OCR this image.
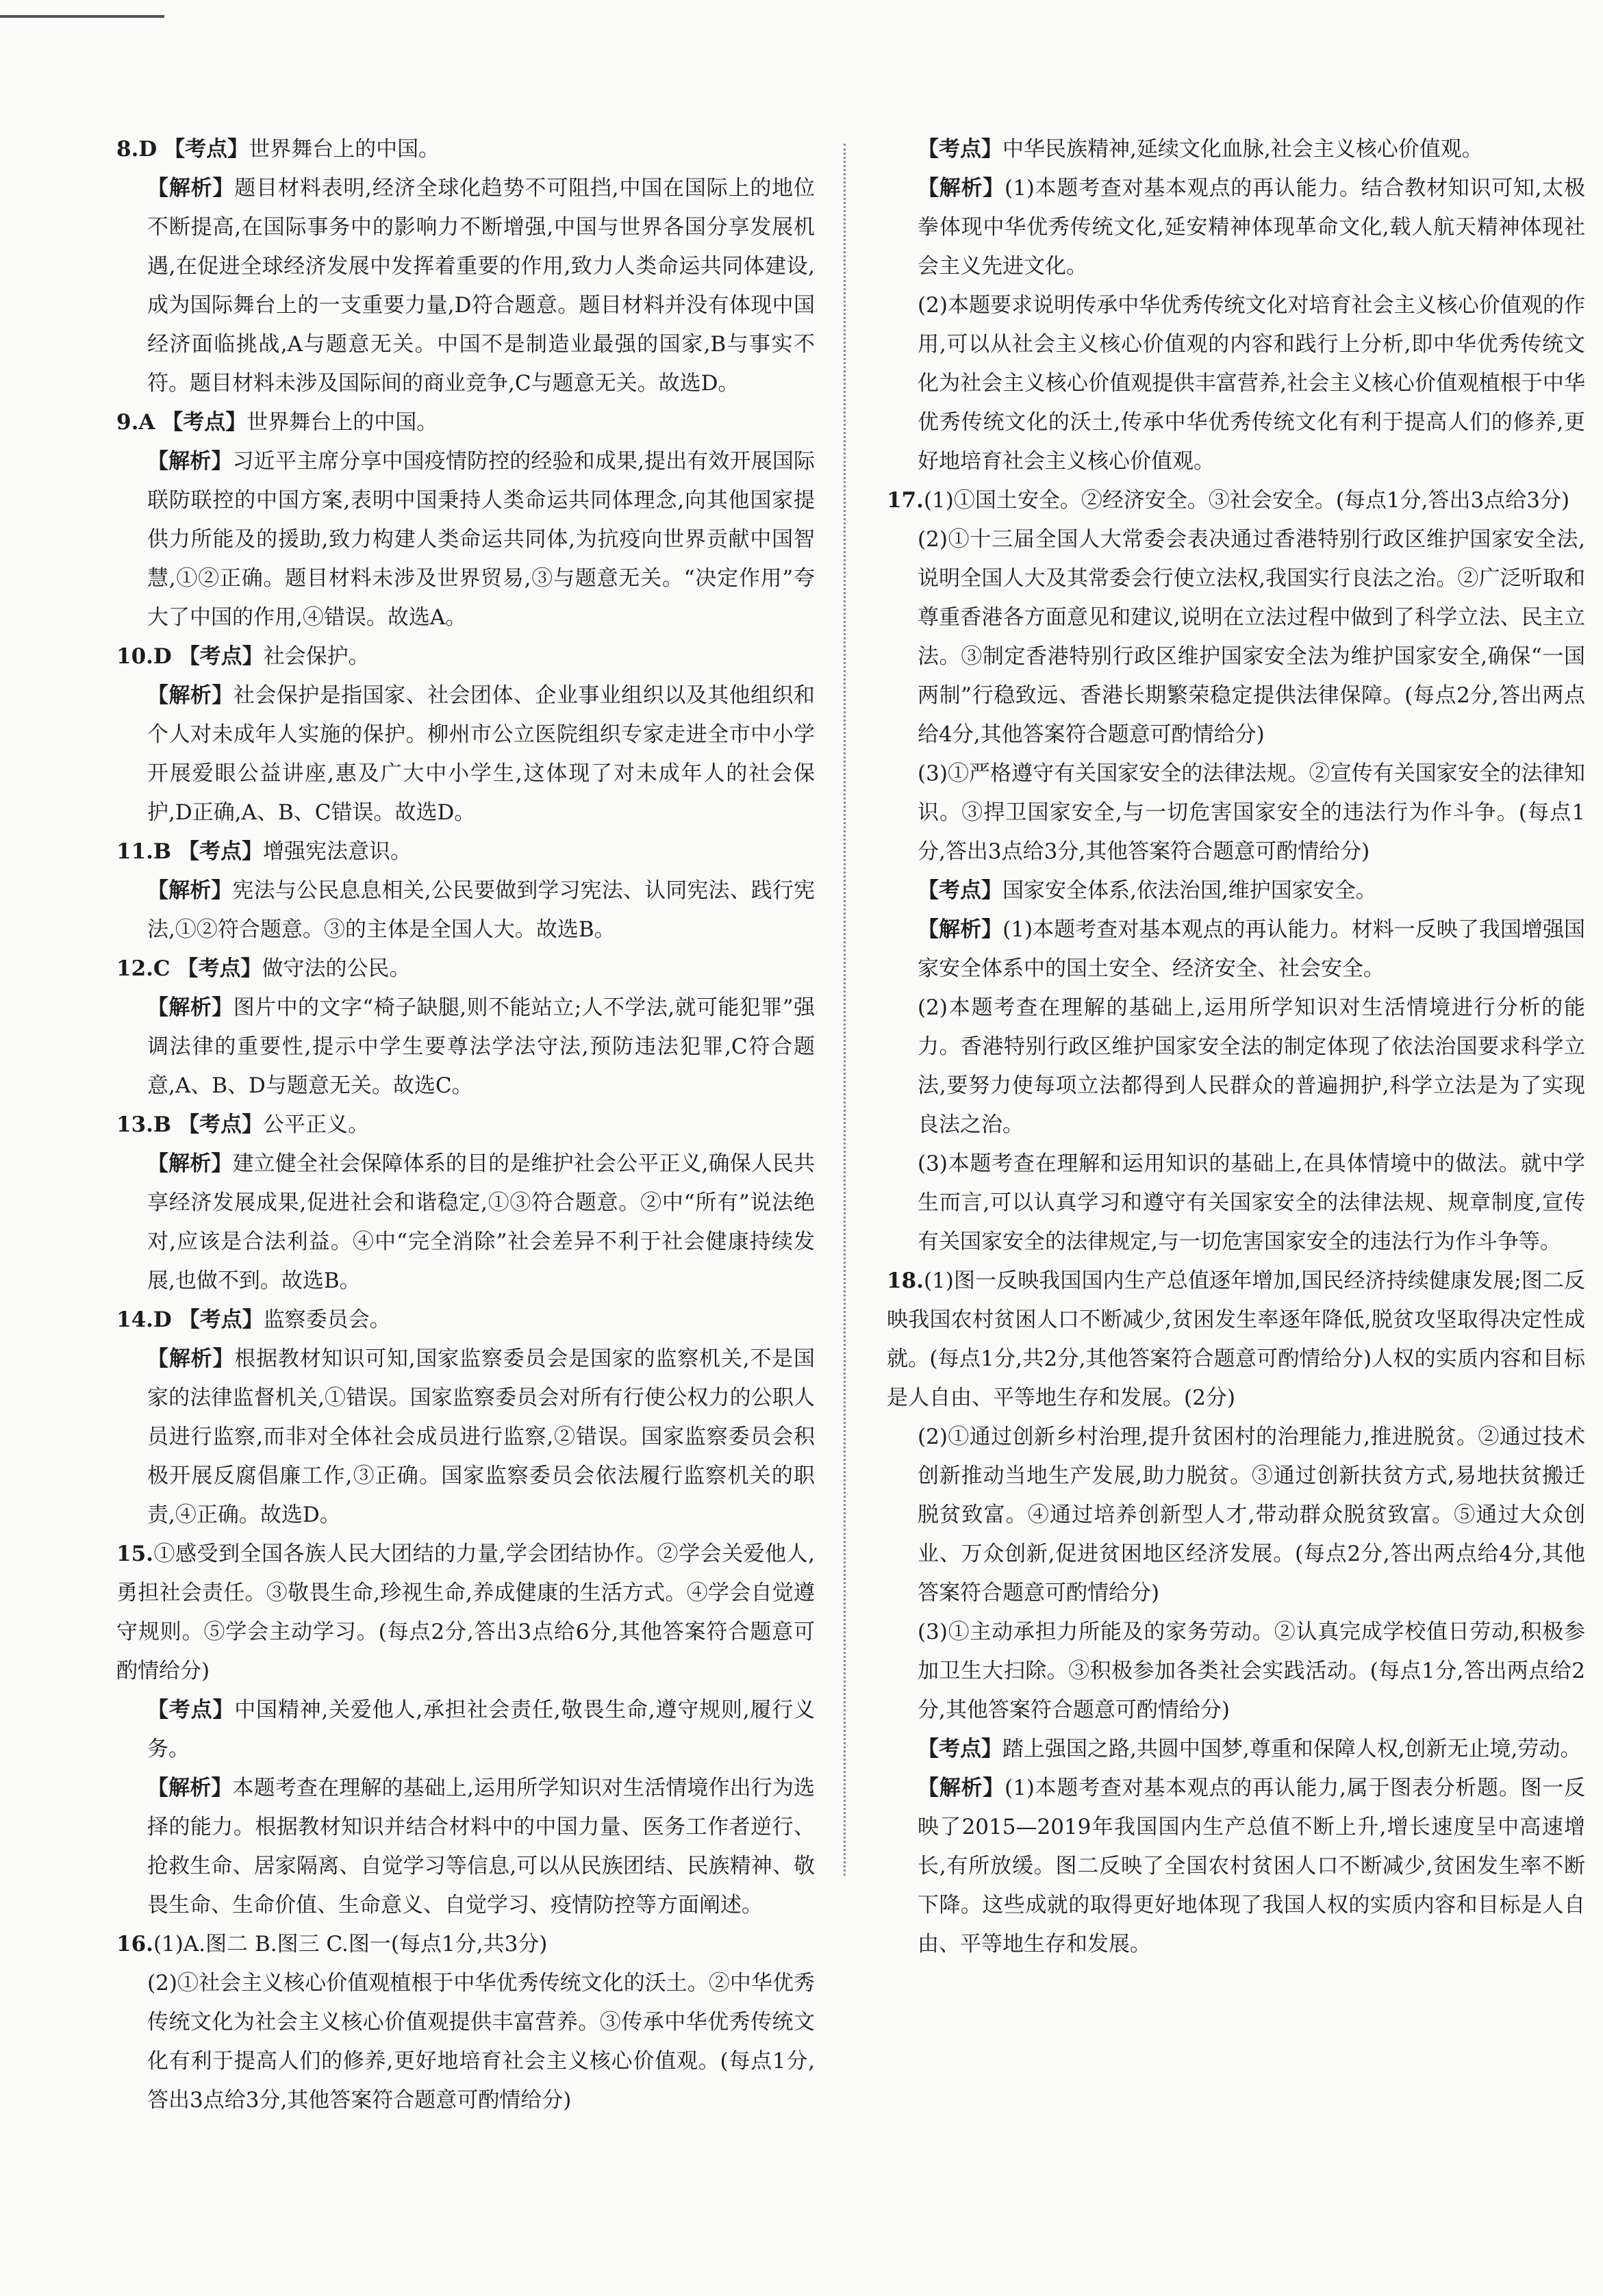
8.D 【考点】世界舞台上的中国。
【解析】题目材料表明,经济全球化趋势不可阻挡,中国在国际上的地位不断提高,在国际事务中的影响力不断增强,中国与世界各国分享发展机遇,在促进全球经济发展中发挥着重要的作用,致力人类命运共同体建设,成为国际舞台上的一支重要力量,D符合题意。题目材料并没有体现中国经济面临挑战,A与题意无关。中国不是制造业最强的国家,B与事实不符。题目材料未涉及国际间的商业竞争,C与题意无关。故选D。
9.A 【考点】世界舞台上的中国。
【解析】习近平主席分享中国疫情防控的经验和成果,提出有效开展国际联防联控的中国方案,表明中国秉持人类命运共同体理念,向其他国家提供力所能及的援助,致力构建人类命运共同体,为抗疫向世界贡献中国智慧,①②正确。题目材料未涉及世界贸易,③与题意无关。“决定作用”夸大了中国的作用,④错误。故选A。
10.D 【考点】社会保护。
【解析】社会保护是指国家、社会团体、企业事业组织以及其他组织和个人对未成年人实施的保护。柳州市公立医院组织专家走进全市中小学开展爱眼公益讲座,惠及广大中小学生,这体现了对未成年人的社会保护,D正确,A、B、C错误。故选D。
11.B 【考点】增强宪法意识。
【解析】宪法与公民息息相关,公民要做到学习宪法、认同宪法、践行宪法,①②符合题意。③的主体是全国人大。故选B。
12.C 【考点】做守法的公民。
【解析】图片中的文字“椅子缺腿,则不能站立;人不学法,就可能犯罪”强调法律的重要性,提示中学生要尊法学法守法,预防违法犯罪,C符合题意,A、B、D与题意无关。故选C。
13.B 【考点】公平正义。
【解析】建立健全社会保障体系的目的是维护社会公平正义,确保人民共享经济发展成果,促进社会和谐稳定,①③符合题意。②中“所有”说法绝对,应该是合法利益。④中“完全消除”社会差异不利于社会健康持续发展,也做不到。故选B。
14.D 【考点】监察委员会。
【解析】根据教材知识可知,国家监察委员会是国家的监察机关,不是国家的法律监督机关,①错误。国家监察委员会对所有行使公权力的公职人员进行监察,而非对全体社会成员进行监察,②错误。国家监察委员会积极开展反腐倡廉工作,③正确。国家监察委员会依法履行监察机关的职责,④正确。故选D。
15.①感受到全国各族人民大团结的力量,学会团结协作。②学会关爱他人,勇担社会责任。③敬畏生命,珍视生命,养成健康的生活方式。④学会自觉遵守规则。⑤学会主动学习。(每点2分,答出3点给6分,其他答案符合题意可酌情给分)
【考点】中国精神,关爱他人,承担社会责任,敬畏生命,遵守规则,履行义务。
【解析】本题考查在理解的基础上,运用所学知识对生活情境作出行为选择的能力。根据教材知识并结合材料中的中国力量、医务工作者逆行、抢救生命、居家隔离、自觉学习等信息,可以从民族团结、民族精神、敬畏生命、生命价值、生命意义、自觉学习、疫情防控等方面阐述。
16.(1)A.图二 B.图三 C.图一(每点1分,共3分)
(2)①社会主义核心价值观植根于中华优秀传统文化的沃土。②中华优秀传统文化为社会主义核心价值观提供丰富营养。③传承中华优秀传统文化有利于提高人们的修养,更好地培育社会主义核心价值观。(每点1分,答出3点给3分,其他答案符合题意可酌情给分)
【考点】中华民族精神,延续文化血脉,社会主义核心价值观。
【解析】(1)本题考查对基本观点的再认能力。结合教材知识可知,太极拳体现中华优秀传统文化,延安精神体现革命文化,载人航天精神体现社会主义先进文化。
(2)本题要求说明传承中华优秀传统文化对培育社会主义核心价值观的作用,可以从社会主义核心价值观的内容和践行上分析,即中华优秀传统文化为社会主义核心价值观提供丰富营养,社会主义核心价值观植根于中华优秀传统文化的沃土,传承中华优秀传统文化有利于提高人们的修养,更好地培育社会主义核心价值观。
17.(1)①国土安全。②经济安全。③社会安全。(每点1分,答出3点给3分)
(2)①十三届全国人大常委会表决通过香港特别行政区维护国家安全法,说明全国人大及其常委会行使立法权,我国实行良法之治。②广泛听取和尊重香港各方面意见和建议,说明在立法过程中做到了科学立法、民主立法。③制定香港特别行政区维护国家安全法为维护国家安全,确保“一国两制”行稳致远、香港长期繁荣稳定提供法律保障。(每点2分,答出两点给4分,其他答案符合题意可酌情给分)
(3)①严格遵守有关国家安全的法律法规。②宣传有关国家安全的法律知识。③捍卫国家安全,与一切危害国家安全的违法行为作斗争。(每点1分,答出3点给3分,其他答案符合题意可酌情给分)
【考点】国家安全体系,依法治国,维护国家安全。
【解析】(1)本题考查对基本观点的再认能力。材料一反映了我国增强国家安全体系中的国土安全、经济安全、社会安全。
(2)本题考查在理解的基础上,运用所学知识对生活情境进行分析的能力。香港特别行政区维护国家安全法的制定体现了依法治国要求科学立法,要努力使每项立法都得到人民群众的普遍拥护,科学立法是为了实现良法之治。
(3)本题考查在理解和运用知识的基础上,在具体情境中的做法。就中学生而言,可以认真学习和遵守有关国家安全的法律法规、规章制度,宣传有关国家安全的法律规定,与一切危害国家安全的违法行为作斗争等。
18.(1)图一反映我国国内生产总值逐年增加,国民经济持续健康发展;图二反映我国农村贫困人口不断减少,贫困发生率逐年降低,脱贫攻坚取得决定性成就。(每点1分,共2分,其他答案符合题意可酌情给分)人权的实质内容和目标是人自由、平等地生存和发展。(2分)
(2)①通过创新乡村治理,提升贫困村的治理能力,推进脱贫。②通过技术创新推动当地生产发展,助力脱贫。③通过创新扶贫方式,易地扶贫搬迁脱贫致富。④通过培养创新型人才,带动群众脱贫致富。⑤通过大众创业、万众创新,促进贫困地区经济发展。(每点2分,答出两点给4分,其他答案符合题意可酌情给分)
(3)①主动承担力所能及的家务劳动。②认真完成学校值日劳动,积极参加卫生大扫除。③积极参加各类社会实践活动。(每点1分,答出两点给2分,其他答案符合题意可酌情给分)
【考点】踏上强国之路,共圆中国梦,尊重和保障人权,创新无止境,劳动。
【解析】(1)本题考查对基本观点的再认能力,属于图表分析题。图一反映了2015—2019年我国国内生产总值不断上升,增长速度呈中高速增长,有所放缓。图二反映了全国农村贫困人口不断减少,贫困发生率不断下降。这些成就的取得更好地体现了我国人权的实质内容和目标是人自由、平等地生存和发展。
